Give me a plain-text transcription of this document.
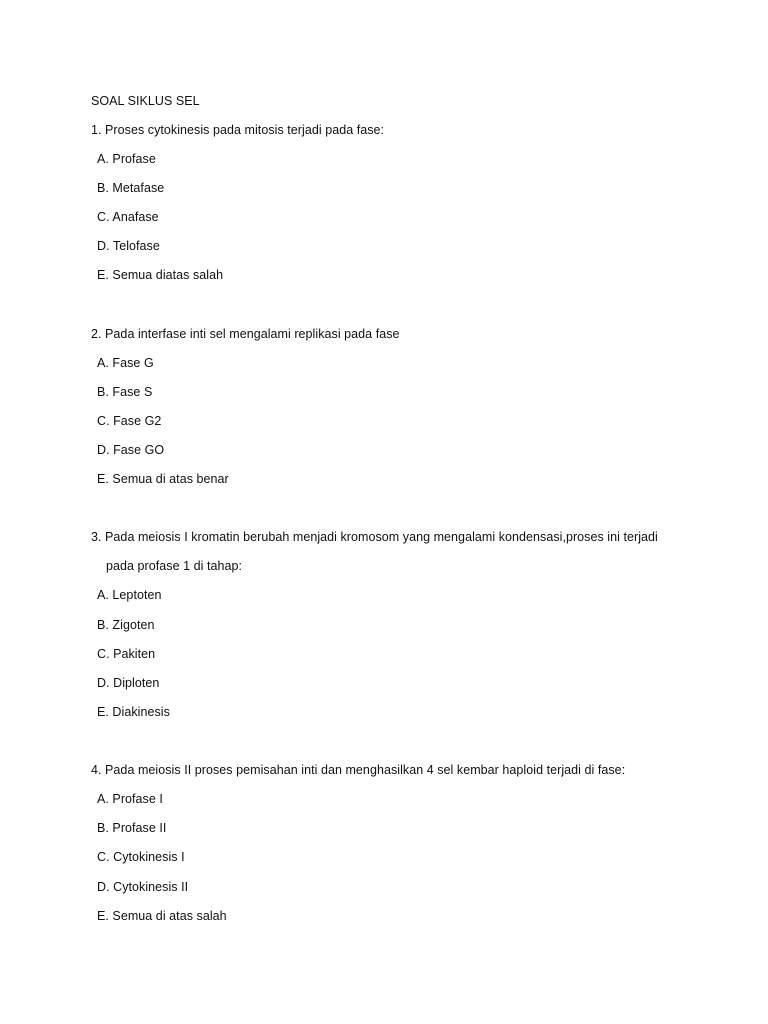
SOAL SIKLUS SEL
1. Proses cytokinesis pada mitosis terjadi pada fase:
A. Profase
B. Metafase
C. Anafase
D. Telofase
E. Semua diatas salah
2. Pada interfase inti sel mengalami replikasi pada fase
A. Fase G
B. Fase S
C. Fase G2
D. Fase GO
E. Semua di atas benar
3. Pada meiosis I kromatin berubah menjadi kromosom yang mengalami kondensasi,proses ini terjadi
pada profase 1 di tahap:
A. Leptoten
B. Zigoten
C. Pakiten
D. Diploten
E. Diakinesis
4. Pada meiosis II proses pemisahan inti dan menghasilkan 4 sel kembar haploid terjadi di fase:
A. Profase I
B. Profase II
C. Cytokinesis I
D. Cytokinesis II
E. Semua di atas salah
